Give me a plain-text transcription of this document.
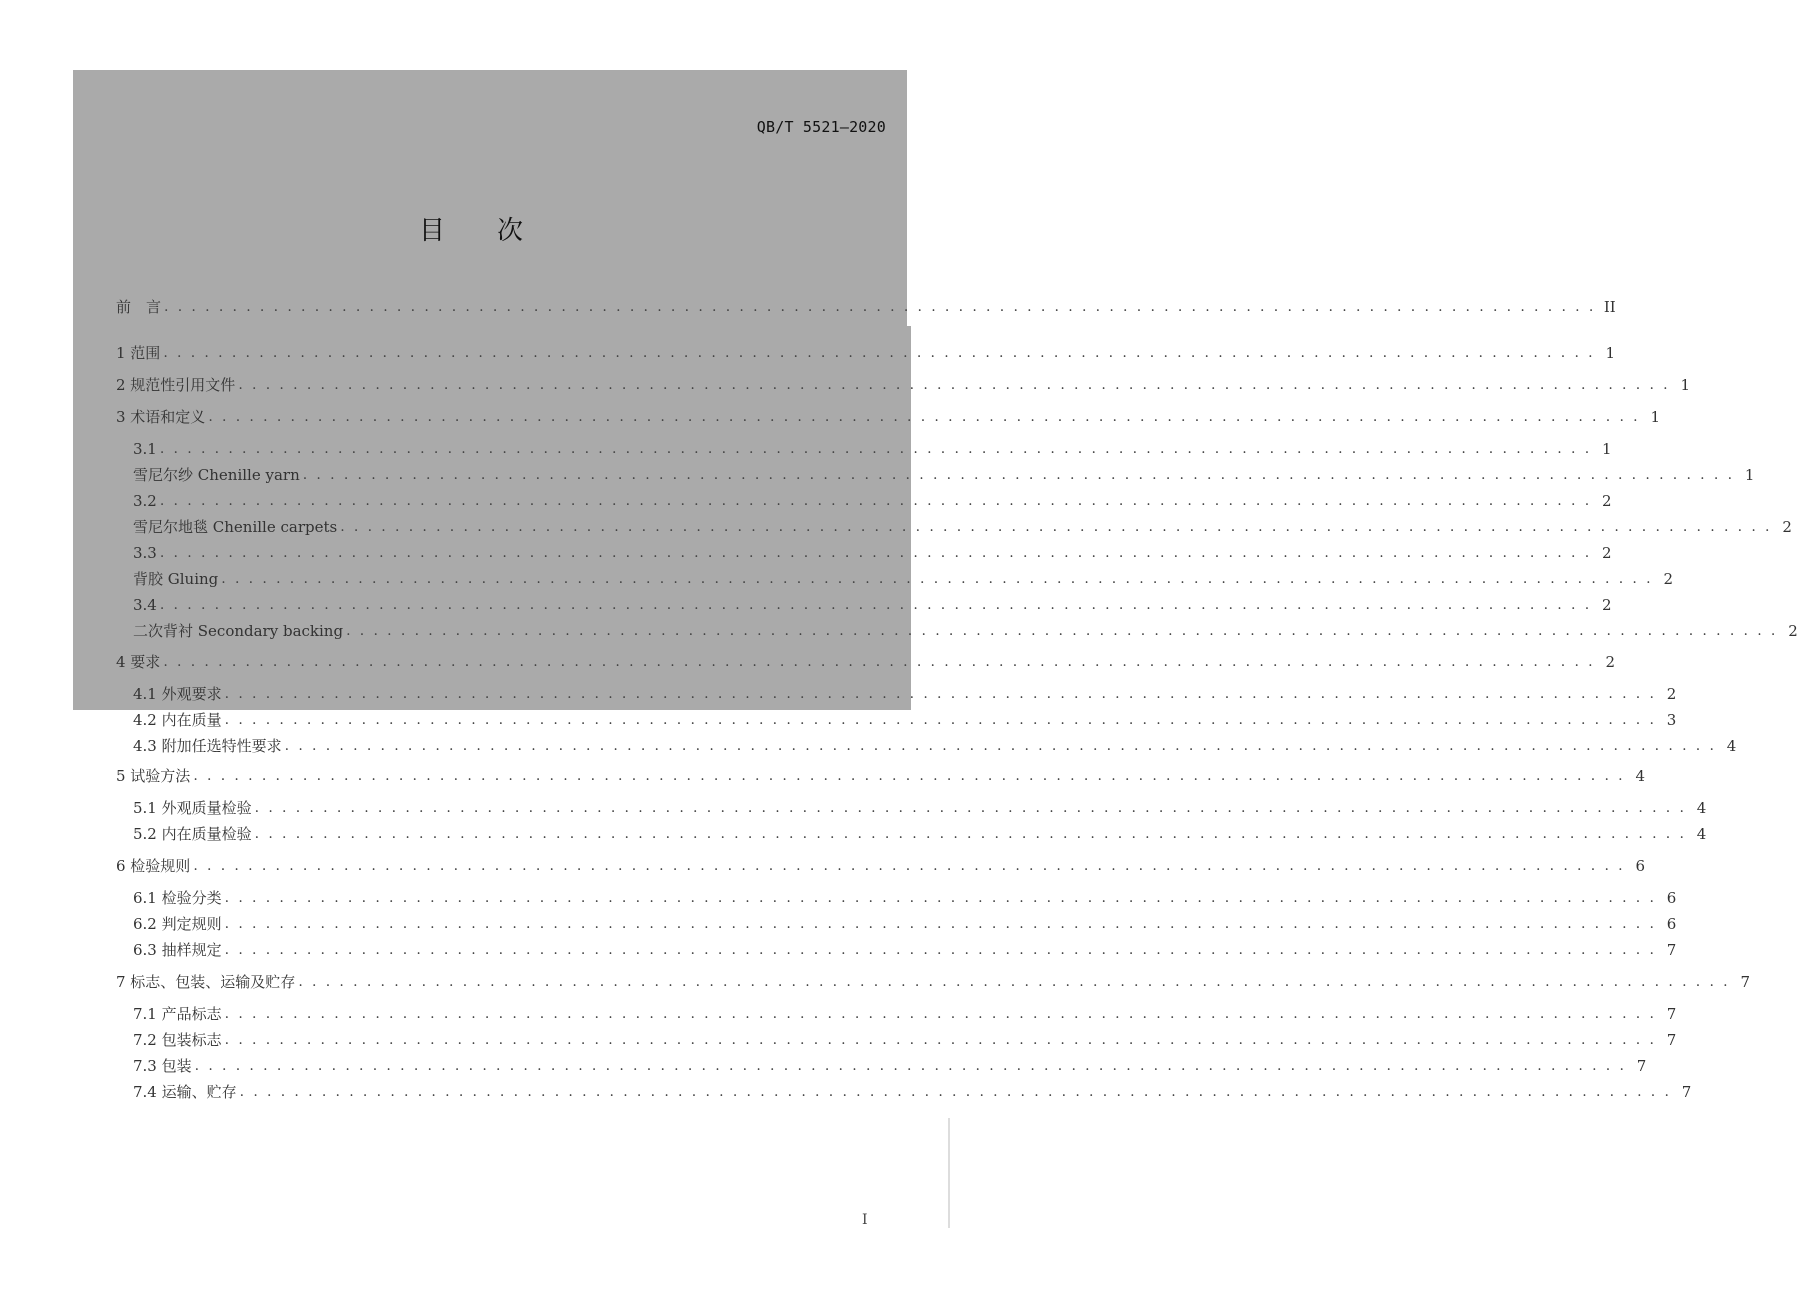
QB/T 5521—2020
目次
前　言 . . . . . . . . . . . . . . . . . . . . . . . . . . . . . . . . . . . . . . . . . . . . . . . . . . . . . . . . . . . . . . . . . . . . . . . . . . . . . . . . . . . . . . . . . . . . . . . . . . . . . . . . . II
1 范围 . . . . . . . . . . . . . . . . . . . . . . . . . . . . . . . . . . . . . . . . . . . . . . . . . . . . . . . . . . . . . . . . . . . . . . . . . . . . . . . . . . . . . . . . . . . . . . . . . . . . . . . . . 1
2 规范性引用文件 . . . . . . . . . . . . . . . . . . . . . . . . . . . . . . . . . . . . . . . . . . . . . . . . . . . . . . . . . . . . . . . . . . . . . . . . . . . . . . . . . . . . . . . . . . . . . . . . . . . . . . . . . 1
3 术语和定义 . . . . . . . . . . . . . . . . . . . . . . . . . . . . . . . . . . . . . . . . . . . . . . . . . . . . . . . . . . . . . . . . . . . . . . . . . . . . . . . . . . . . . . . . . . . . . . . . . . . . . . . . . 1
3.1 . . . . . . . . . . . . . . . . . . . . . . . . . . . . . . . . . . . . . . . . . . . . . . . . . . . . . . . . . . . . . . . . . . . . . . . . . . . . . . . . . . . . . . . . . . . . . . . . . . . . . . . . . 1
雪尼尔纱 Chenille yarn . . . . . . . . . . . . . . . . . . . . . . . . . . . . . . . . . . . . . . . . . . . . . . . . . . . . . . . . . . . . . . . . . . . . . . . . . . . . . . . . . . . . . . . . . . . . . . . . . . . . . . . . . 1
3.2 . . . . . . . . . . . . . . . . . . . . . . . . . . . . . . . . . . . . . . . . . . . . . . . . . . . . . . . . . . . . . . . . . . . . . . . . . . . . . . . . . . . . . . . . . . . . . . . . . . . . . . . . . 2
雪尼尔地毯 Chenille carpets . . . . . . . . . . . . . . . . . . . . . . . . . . . . . . . . . . . . . . . . . . . . . . . . . . . . . . . . . . . . . . . . . . . . . . . . . . . . . . . . . . . . . . . . . . . . . . . . . . . . . . . . . 2
3.3 . . . . . . . . . . . . . . . . . . . . . . . . . . . . . . . . . . . . . . . . . . . . . . . . . . . . . . . . . . . . . . . . . . . . . . . . . . . . . . . . . . . . . . . . . . . . . . . . . . . . . . . . . 2
背胶 Gluing . . . . . . . . . . . . . . . . . . . . . . . . . . . . . . . . . . . . . . . . . . . . . . . . . . . . . . . . . . . . . . . . . . . . . . . . . . . . . . . . . . . . . . . . . . . . . . . . . . . . . . . . . 2
3.4 . . . . . . . . . . . . . . . . . . . . . . . . . . . . . . . . . . . . . . . . . . . . . . . . . . . . . . . . . . . . . . . . . . . . . . . . . . . . . . . . . . . . . . . . . . . . . . . . . . . . . . . . . 2
二次背衬 Secondary backing . . . . . . . . . . . . . . . . . . . . . . . . . . . . . . . . . . . . . . . . . . . . . . . . . . . . . . . . . . . . . . . . . . . . . . . . . . . . . . . . . . . . . . . . . . . . . . . . . . . . . . . . . 2
4 要求 . . . . . . . . . . . . . . . . . . . . . . . . . . . . . . . . . . . . . . . . . . . . . . . . . . . . . . . . . . . . . . . . . . . . . . . . . . . . . . . . . . . . . . . . . . . . . . . . . . . . . . . . . 2
4.1 外观要求 . . . . . . . . . . . . . . . . . . . . . . . . . . . . . . . . . . . . . . . . . . . . . . . . . . . . . . . . . . . . . . . . . . . . . . . . . . . . . . . . . . . . . . . . . . . . . . . . . . . . . . . . . 2
4.2 内在质量 . . . . . . . . . . . . . . . . . . . . . . . . . . . . . . . . . . . . . . . . . . . . . . . . . . . . . . . . . . . . . . . . . . . . . . . . . . . . . . . . . . . . . . . . . . . . . . . . . . . . . . . . . 3
4.3 附加任选特性要求 . . . . . . . . . . . . . . . . . . . . . . . . . . . . . . . . . . . . . . . . . . . . . . . . . . . . . . . . . . . . . . . . . . . . . . . . . . . . . . . . . . . . . . . . . . . . . . . . . . . . . . . . . 4
5 试验方法 . . . . . . . . . . . . . . . . . . . . . . . . . . . . . . . . . . . . . . . . . . . . . . . . . . . . . . . . . . . . . . . . . . . . . . . . . . . . . . . . . . . . . . . . . . . . . . . . . . . . . . . . . 4
5.1 外观质量检验 . . . . . . . . . . . . . . . . . . . . . . . . . . . . . . . . . . . . . . . . . . . . . . . . . . . . . . . . . . . . . . . . . . . . . . . . . . . . . . . . . . . . . . . . . . . . . . . . . . . . . . . . . 4
5.2 内在质量检验 . . . . . . . . . . . . . . . . . . . . . . . . . . . . . . . . . . . . . . . . . . . . . . . . . . . . . . . . . . . . . . . . . . . . . . . . . . . . . . . . . . . . . . . . . . . . . . . . . . . . . . . . . 4
6 检验规则 . . . . . . . . . . . . . . . . . . . . . . . . . . . . . . . . . . . . . . . . . . . . . . . . . . . . . . . . . . . . . . . . . . . . . . . . . . . . . . . . . . . . . . . . . . . . . . . . . . . . . . . . . 6
6.1 检验分类 . . . . . . . . . . . . . . . . . . . . . . . . . . . . . . . . . . . . . . . . . . . . . . . . . . . . . . . . . . . . . . . . . . . . . . . . . . . . . . . . . . . . . . . . . . . . . . . . . . . . . . . . . 6
6.2 判定规则 . . . . . . . . . . . . . . . . . . . . . . . . . . . . . . . . . . . . . . . . . . . . . . . . . . . . . . . . . . . . . . . . . . . . . . . . . . . . . . . . . . . . . . . . . . . . . . . . . . . . . . . . . 6
6.3 抽样规定 . . . . . . . . . . . . . . . . . . . . . . . . . . . . . . . . . . . . . . . . . . . . . . . . . . . . . . . . . . . . . . . . . . . . . . . . . . . . . . . . . . . . . . . . . . . . . . . . . . . . . . . . . 7
7 标志、包装、运输及贮存 . . . . . . . . . . . . . . . . . . . . . . . . . . . . . . . . . . . . . . . . . . . . . . . . . . . . . . . . . . . . . . . . . . . . . . . . . . . . . . . . . . . . . . . . . . . . . . . . . . . . . . . . . 7
7.1 产品标志 . . . . . . . . . . . . . . . . . . . . . . . . . . . . . . . . . . . . . . . . . . . . . . . . . . . . . . . . . . . . . . . . . . . . . . . . . . . . . . . . . . . . . . . . . . . . . . . . . . . . . . . . . 7
7.2 包装标志 . . . . . . . . . . . . . . . . . . . . . . . . . . . . . . . . . . . . . . . . . . . . . . . . . . . . . . . . . . . . . . . . . . . . . . . . . . . . . . . . . . . . . . . . . . . . . . . . . . . . . . . . . 7
7.3 包装 . . . . . . . . . . . . . . . . . . . . . . . . . . . . . . . . . . . . . . . . . . . . . . . . . . . . . . . . . . . . . . . . . . . . . . . . . . . . . . . . . . . . . . . . . . . . . . . . . . . . . . . . . 7
7.4 运输、贮存 . . . . . . . . . . . . . . . . . . . . . . . . . . . . . . . . . . . . . . . . . . . . . . . . . . . . . . . . . . . . . . . . . . . . . . . . . . . . . . . . . . . . . . . . . . . . . . . . . . . . . . . . . 7
I
